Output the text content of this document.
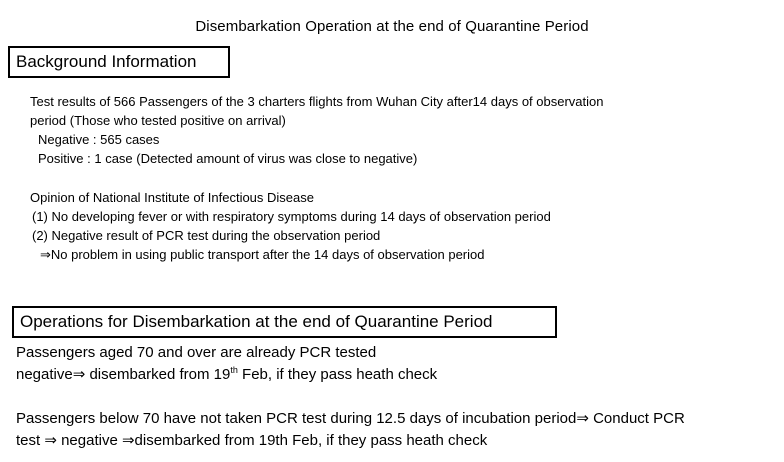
Disembarkation Operation at the end of Quarantine Period
Background Information
Test results of 566 Passengers of the 3 charters flights from Wuhan City after14 days of observation
period (Those who tested positive on arrival)
Negative : 565 cases
Positive : 1 case (Detected amount of virus was close to negative)
Opinion of National Institute of Infectious Disease
(1) No developing fever or with respiratory symptoms during 14 days of observation period
(2) Negative result of PCR test during the observation period
⇒No problem in using public transport after the 14 days of observation period
Operations for Disembarkation at the end of Quarantine Period
Passengers aged 70 and over are already PCR tested
negative⇒ disembarked from 19th Feb, if they pass heath check
Passengers below 70 have not taken PCR test during 12.5 days of incubation period⇒ Conduct PCR
test ⇒ negative ⇒disembarked from 19th Feb, if they pass heath check
